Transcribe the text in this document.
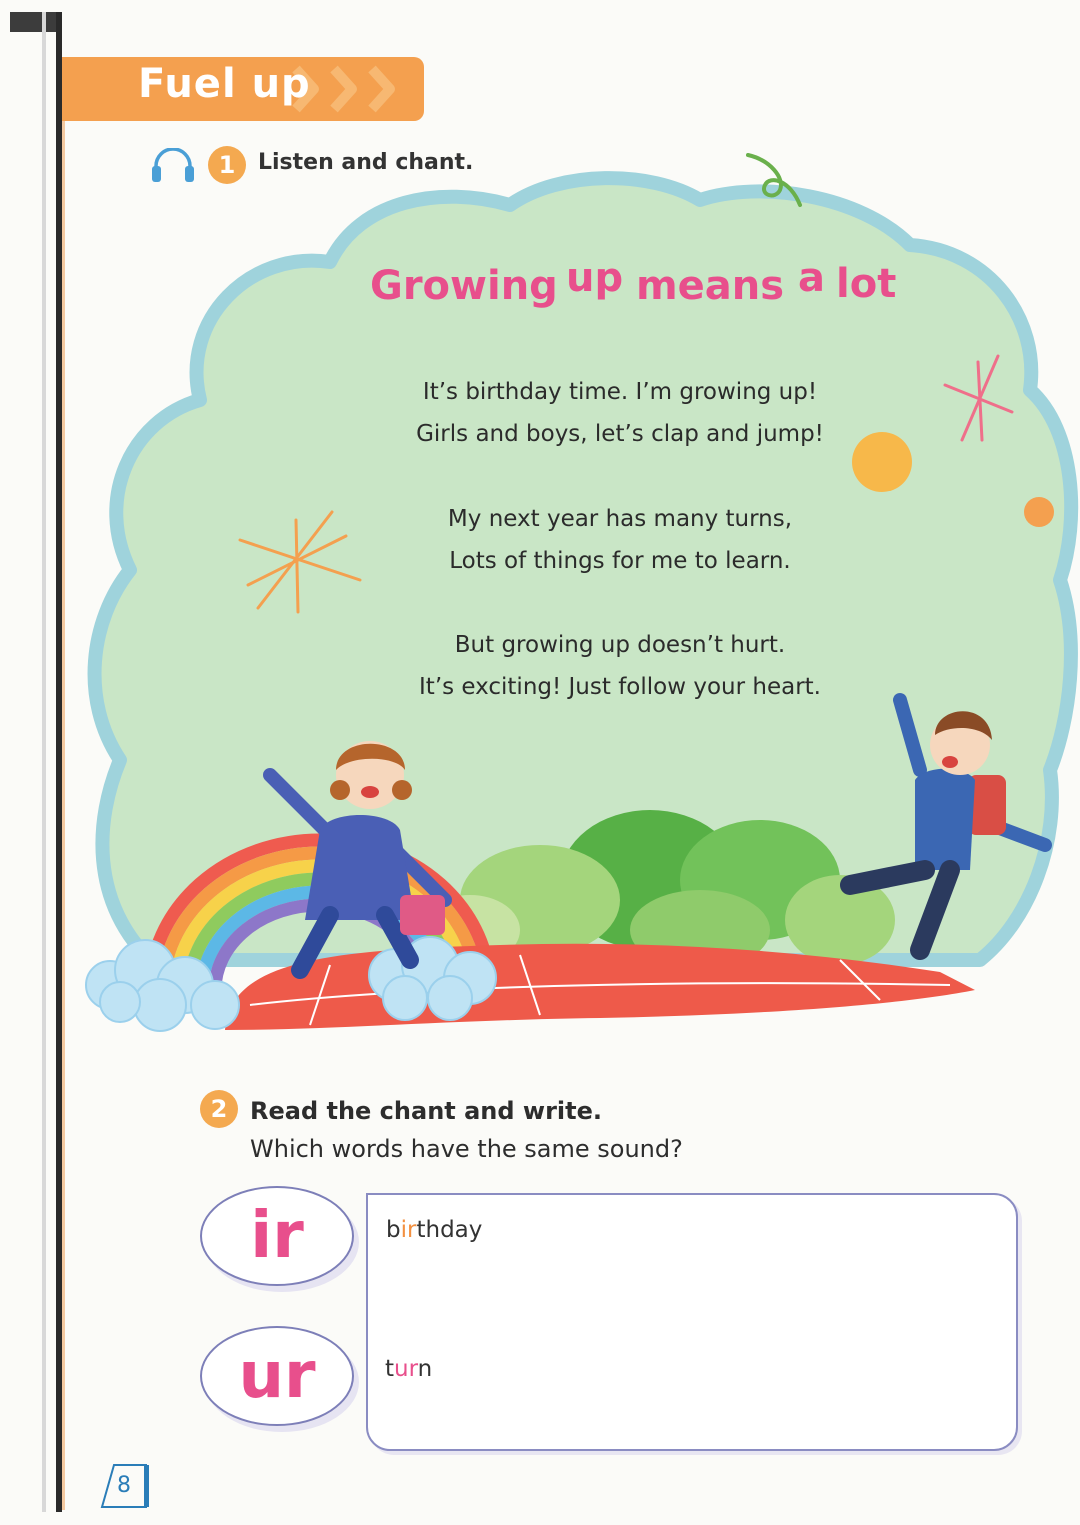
Fuel up
1	Listen and chant.
Growing up means a lot
It’s birthday time. I’m growing up!
Girls and boys, let’s clap and jump!
My next year has many turns,
Lots of things for me to learn.
But growing up doesn’t hurt.
It’s exciting! Just follow your heart.
2 Read the chant and write.
Which words have the same sound?
ir
ur
birthday
turn
8
